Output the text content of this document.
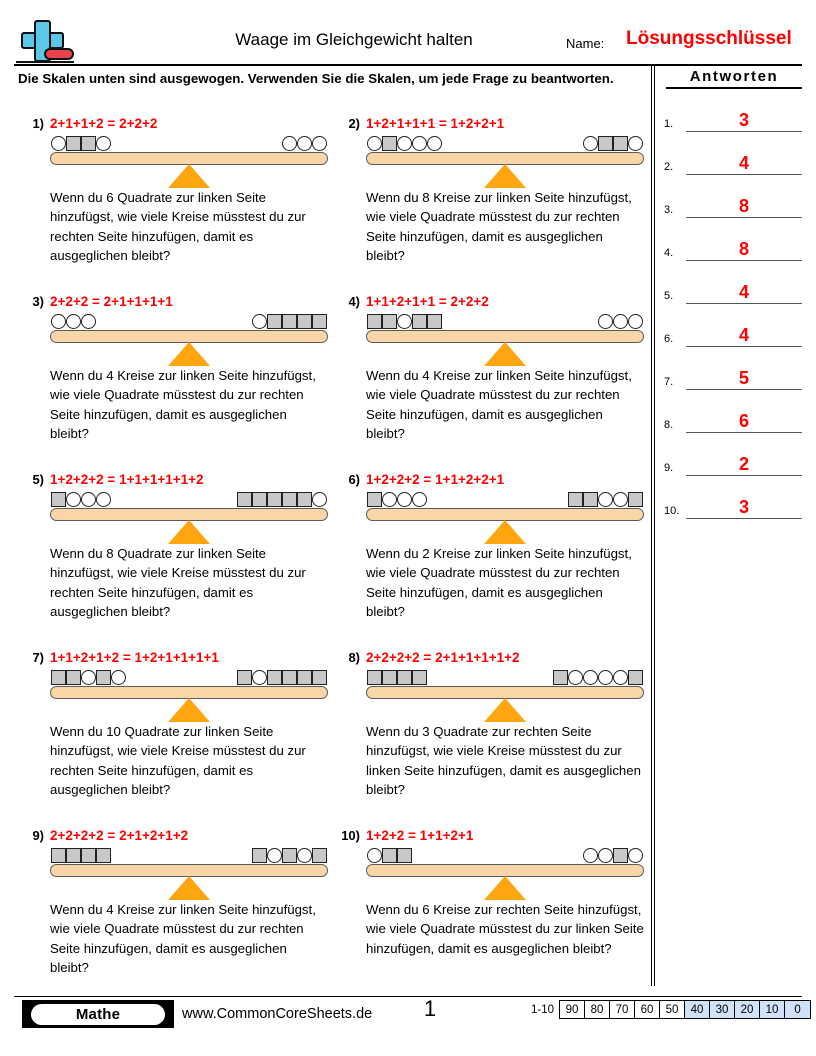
Waage im Gleichgewicht halten	Name: Lösungsschlüssel
Die Skalen unten sind ausgewogen. Verwenden Sie die Skalen, um jede Frage zu beantworten.	Antworten
1.	3
2.	4
3.	8
4.	8
5.	4
6.	4
7.	5
8.	6
9.	2
10.	3
1) 2+1+1+2 = 2+2+2
Wenn du 6 Quadrate zur linken Seite hinzufügst, wie viele Kreise müsstest du zur rechten Seite hinzufügen, damit es ausgeglichen bleibt?
2) 1+2+1+1+1 = 1+2+2+1
Wenn du 8 Kreise zur linken Seite hinzufügst, wie viele Quadrate müsstest du zur rechten Seite hinzufügen, damit es ausgeglichen bleibt?
3) 2+2+2 = 2+1+1+1+1
Wenn du 4 Kreise zur linken Seite hinzufügst, wie viele Quadrate müsstest du zur rechten Seite hinzufügen, damit es ausgeglichen bleibt?
4) 1+1+2+1+1 = 2+2+2
Wenn du 4 Kreise zur linken Seite hinzufügst, wie viele Quadrate müsstest du zur rechten Seite hinzufügen, damit es ausgeglichen bleibt?
5) 1+2+2+2 = 1+1+1+1+1+2
Wenn du 8 Quadrate zur linken Seite hinzufügst, wie viele Kreise müsstest du zur rechten Seite hinzufügen, damit es ausgeglichen bleibt?
6) 1+2+2+2 = 1+1+2+2+1
Wenn du 2 Kreise zur linken Seite hinzufügst, wie viele Quadrate müsstest du zur rechten Seite hinzufügen, damit es ausgeglichen bleibt?
7) 1+1+2+1+2 = 1+2+1+1+1+1
Wenn du 10 Quadrate zur linken Seite hinzufügst, wie viele Kreise müsstest du zur rechten Seite hinzufügen, damit es ausgeglichen bleibt?
8) 2+2+2+2 = 2+1+1+1+1+2
Wenn du 3 Quadrate zur rechten Seite hinzufügst, wie viele Kreise müsstest du zur linken Seite hinzufügen, damit es ausgeglichen bleibt?
9) 2+2+2+2 = 2+1+2+1+2
Wenn du 4 Kreise zur linken Seite hinzufügst, wie viele Quadrate müsstest du zur rechten Seite hinzufügen, damit es ausgeglichen bleibt?
10) 1+2+2 = 1+1+2+1
Wenn du 6 Kreise zur rechten Seite hinzufügst, wie viele Quadrate müsstest du zur linken Seite hinzufügen, damit es ausgeglichen bleibt?
Mathe	www.CommonCoreSheets.de	1	1-10	90	80	70	60	50	40	30	20	10	0
